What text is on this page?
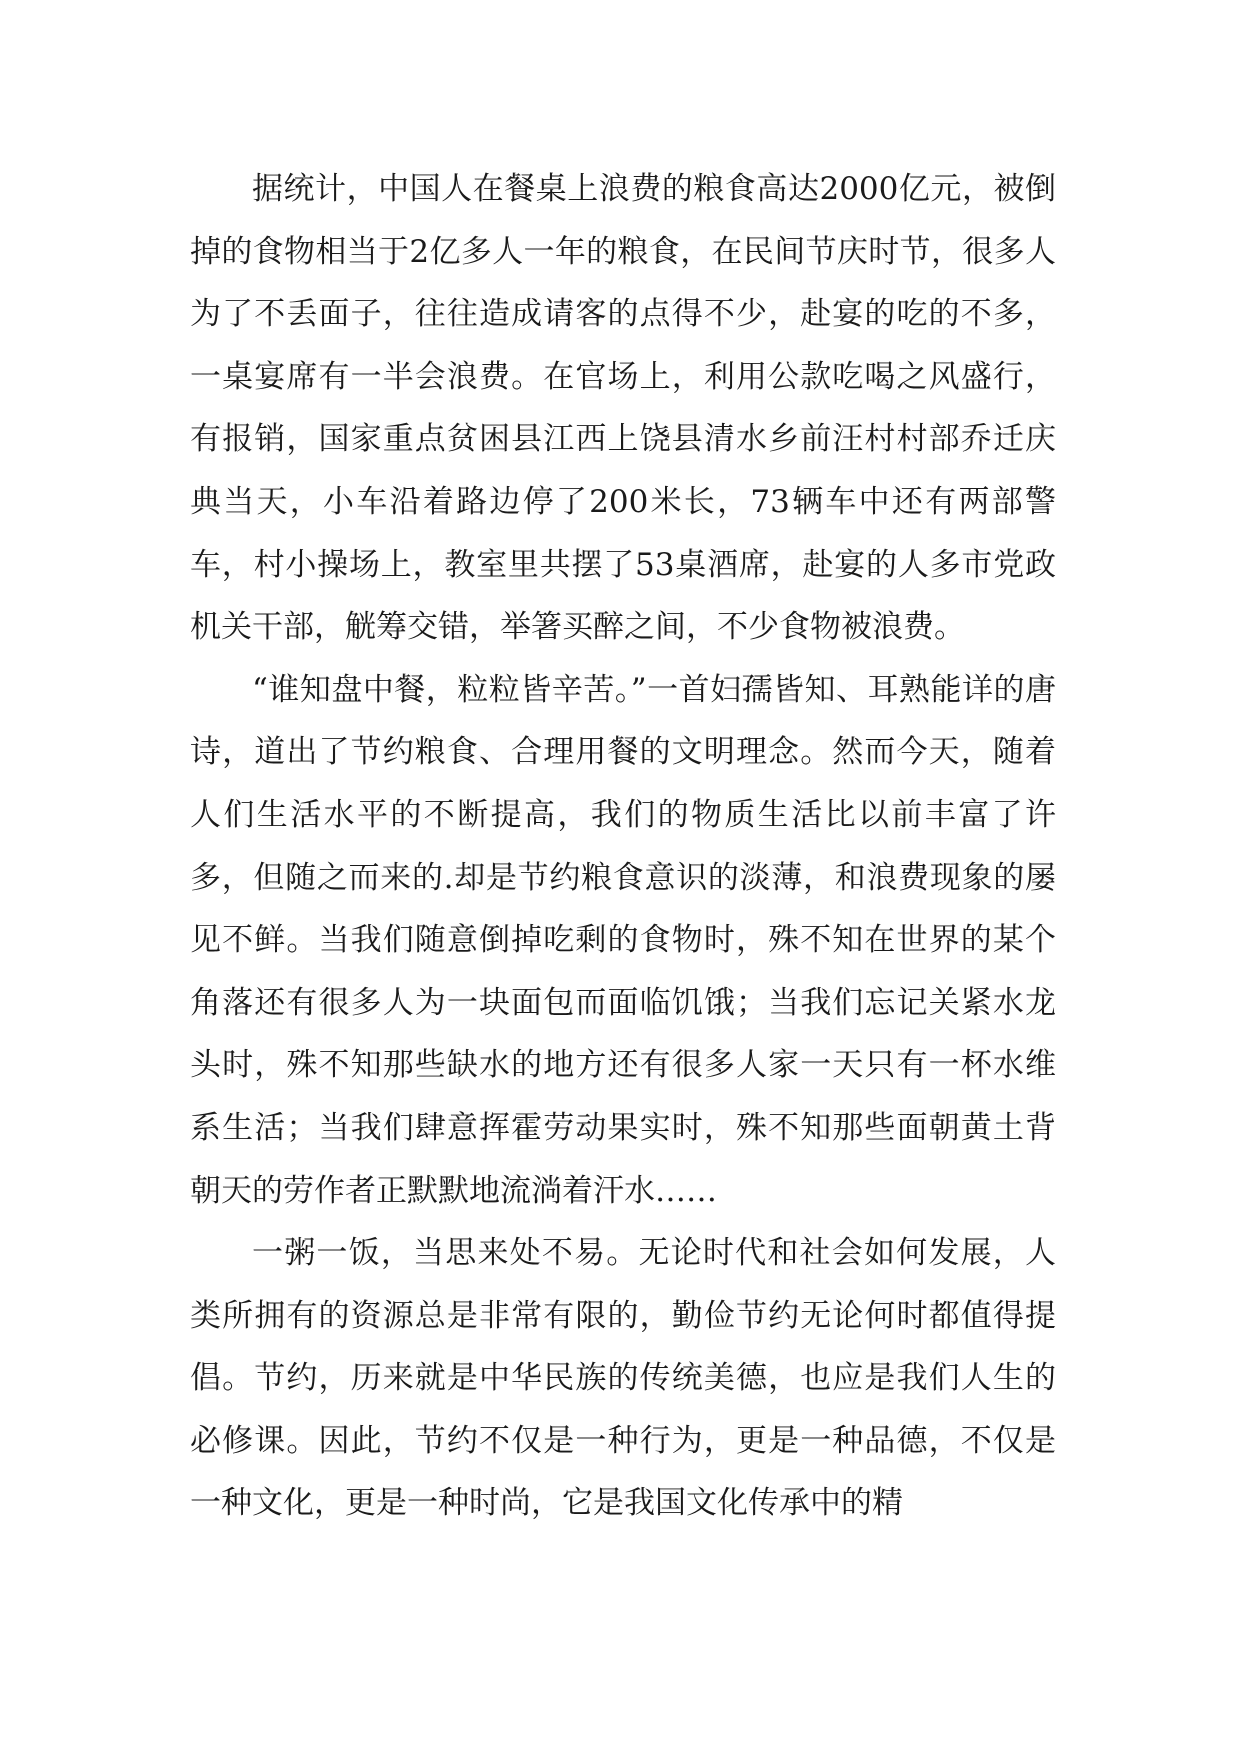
据统计，中国人在餐桌上浪费的粮食高达2000亿元，被倒掉的食物相当于2亿多人一年的粮食，在民间节庆时节，很多人为了不丢面子，往往造成请客的点得不少，赴宴的吃的不多，一桌宴席有一半会浪费。在官场上，利用公款吃喝之风盛行，有报销，国家重点贫困县江西上饶县清水乡前汪村村部乔迁庆典当天，小车沿着路边停了200米长，73辆车中还有两部警车，村小操场上，教室里共摆了53桌酒席，赴宴的人多市党政机关干部，觥筹交错，举箸买醉之间，不少食物被浪费。

“谁知盘中餐，粒粒皆辛苦。”一首妇孺皆知、耳熟能详的唐诗，道出了节约粮食、合理用餐的文明理念。然而今天，随着人们生活水平的不断提高，我们的物质生活比以前丰富了许多，但随之而来的.却是节约粮食意识的淡薄，和浪费现象的屡见不鲜。当我们随意倒掉吃剩的食物时，殊不知在世界的某个角落还有很多人为一块面包而面临饥饿；当我们忘记关紧水龙头时，殊不知那些缺水的地方还有很多人家一天只有一杯水维系生活；当我们肆意挥霍劳动果实时，殊不知那些面朝黄土背朝天的劳作者正默默地流淌着汗水……

一粥一饭，当思来处不易。无论时代和社会如何发展，人类所拥有的资源总是非常有限的，勤俭节约无论何时都值得提倡。节约，历来就是中华民族的传统美德，也应是我们人生的必修课。因此，节约不仅是一种行为，更是一种品德，不仅是一种文化，更是一种时尚，它是我国文化传承中的精
